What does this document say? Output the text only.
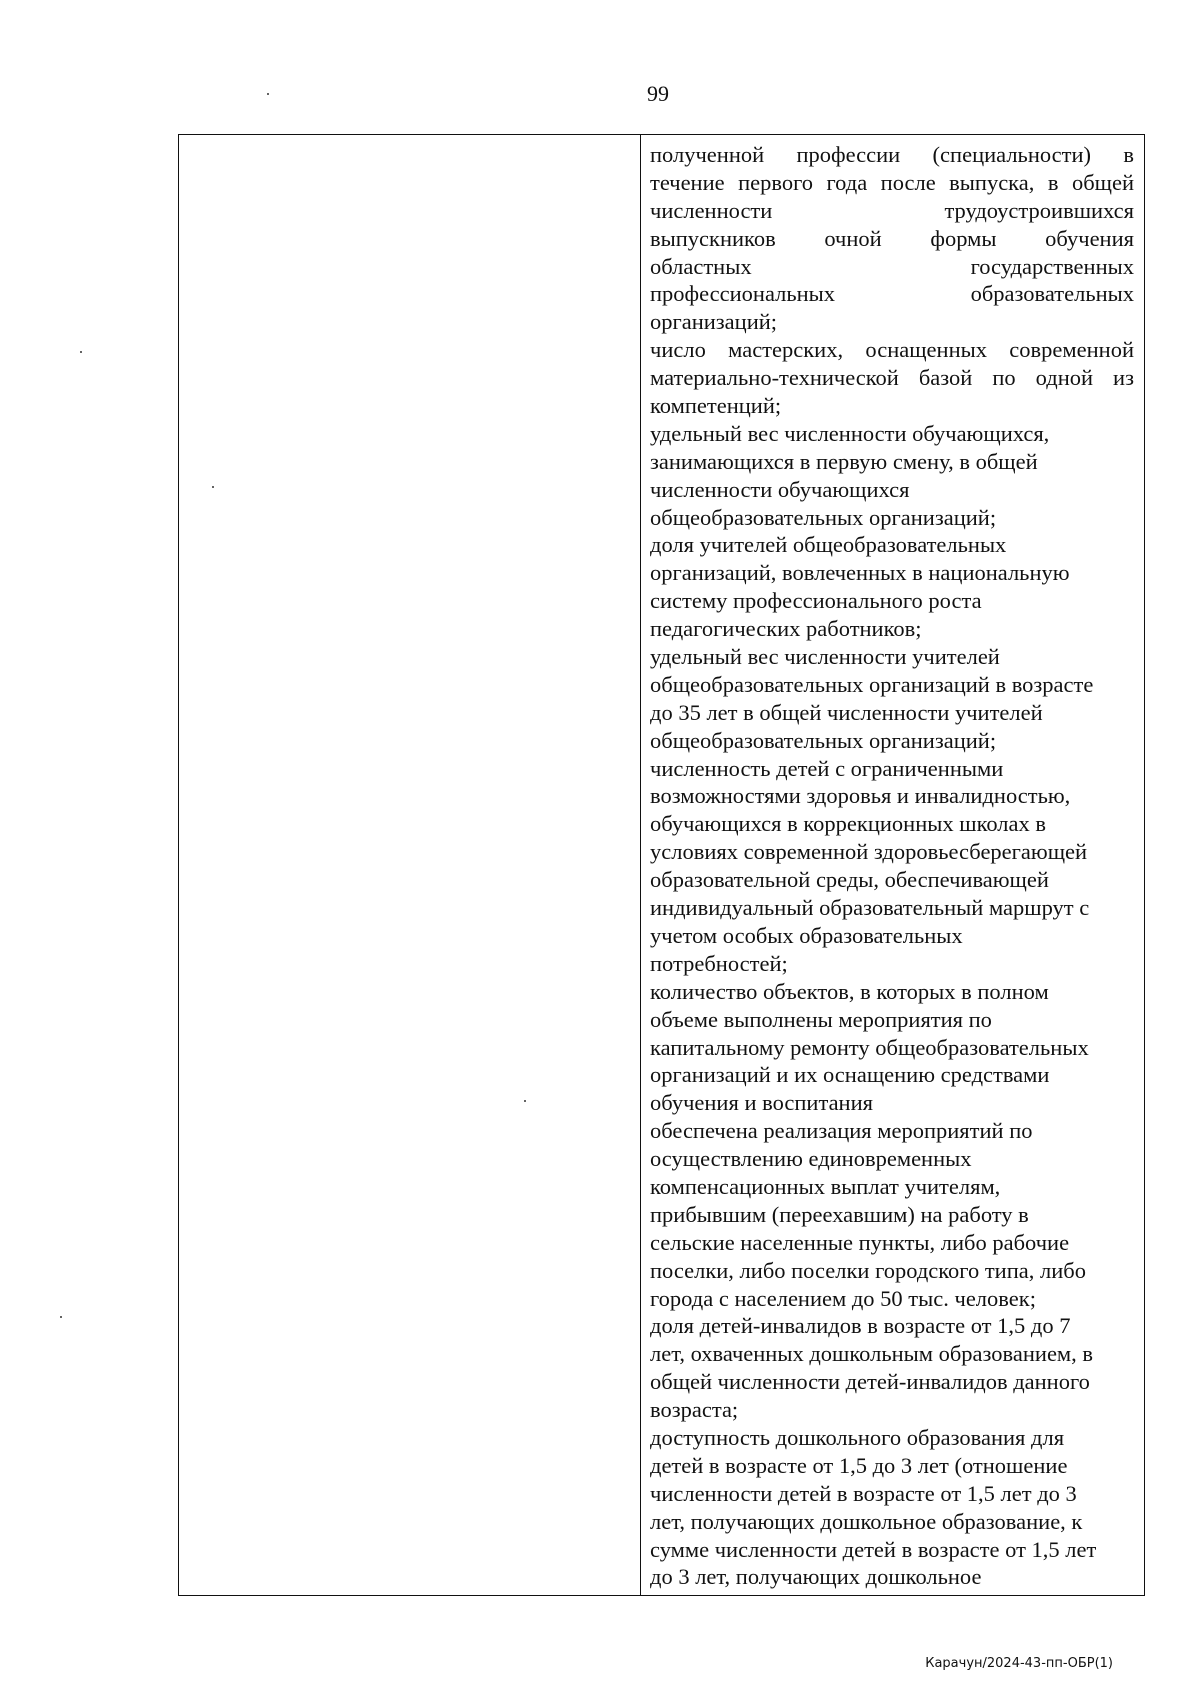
99
полученной профессии (специальности) в
течение первого года после выпуска, в общей
численности трудоустроившихся
выпускников очной формы обучения
областных государственных
профессиональных образовательных
организаций;
число мастерских, оснащенных современной
материально-технической базой по одной из
компетенций;
удельный вес численности обучающихся,
занимающихся в первую смену, в общей
численности обучающихся
общеобразовательных организаций;
доля учителей общеобразовательных
организаций, вовлеченных в национальную
систему профессионального роста
педагогических работников;
удельный вес численности учителей
общеобразовательных организаций в возрасте
до 35 лет в общей численности учителей
общеобразовательных организаций;
численность детей с ограниченными
возможностями здоровья и инвалидностью,
обучающихся в коррекционных школах в
условиях современной здоровьесберегающей
образовательной среды, обеспечивающей
индивидуальный образовательный маршрут с
учетом особых образовательных
потребностей;
количество объектов, в которых в полном
объеме выполнены мероприятия по
капитальному ремонту общеобразовательных
организаций и их оснащению средствами
обучения и воспитания
обеспечена реализация мероприятий по
осуществлению единовременных
компенсационных выплат учителям,
прибывшим (переехавшим) на работу в
сельские населенные пункты, либо рабочие
поселки, либо поселки городского типа, либо
города с населением до 50 тыс. человек;
доля детей-инвалидов в возрасте от 1,5 до 7
лет, охваченных дошкольным образованием, в
общей численности детей-инвалидов данного
возраста;
доступность дошкольного образования для
детей в возрасте от 1,5 до 3 лет (отношение
численности детей в возрасте от 1,5 лет до 3
лет, получающих дошкольное образование, к
сумме численности детей в возрасте от 1,5 лет
до 3 лет, получающих дошкольное
Карачун/2024-43-пп-ОБР(1)
